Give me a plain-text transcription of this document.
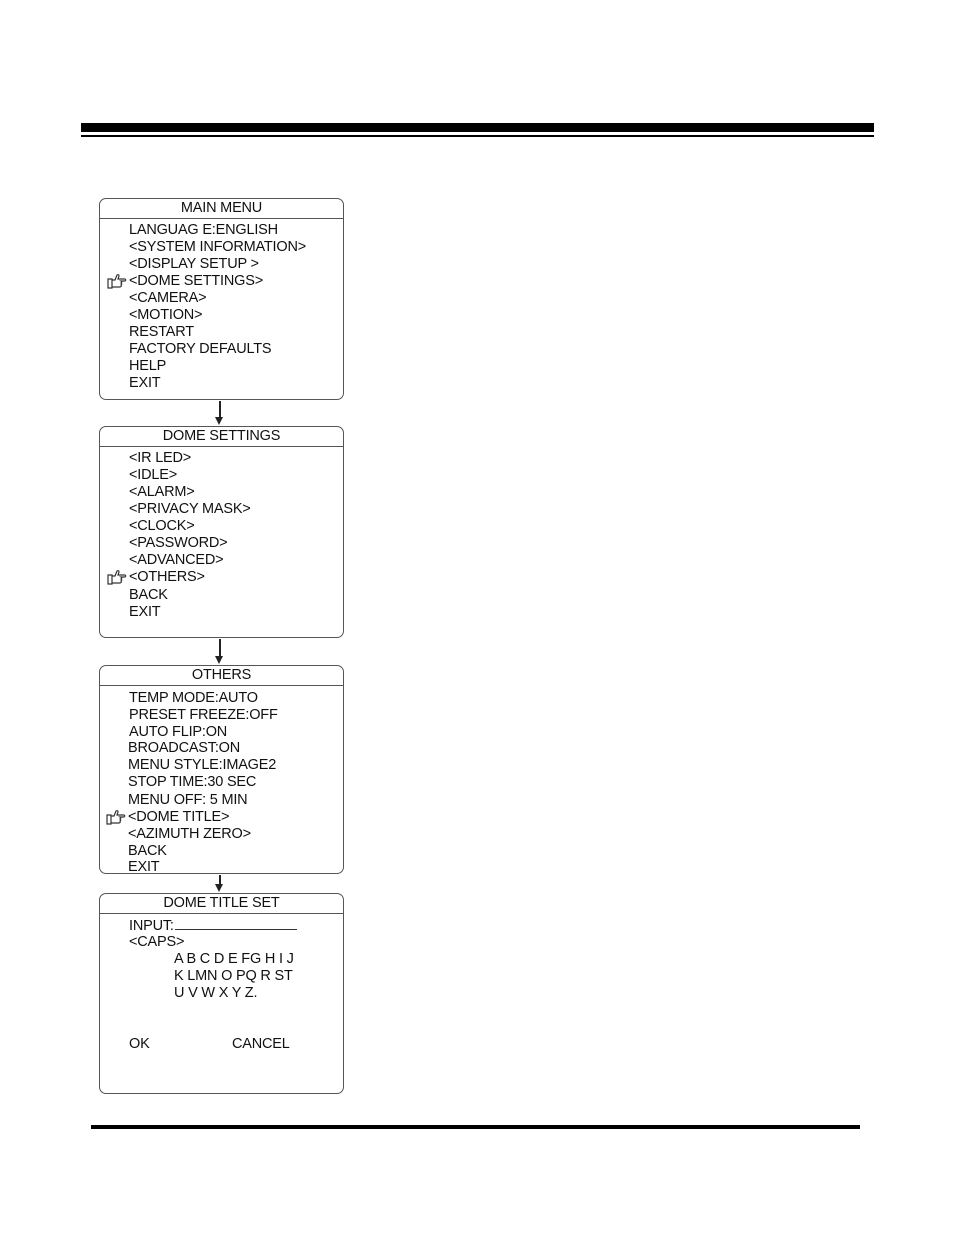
MAIN MENU
LANGUAG E:ENGLISH
<SYSTEM INFORMATION>
<DISPLAY SETUP >
<DOME SETTINGS>
<CAMERA>
<MOTION>
RESTART
FACTORY DEFAULTS
HELP
EXIT
DOME SETTINGS
<IR LED>
<IDLE>
<ALARM>
<PRIVACY MASK>
<CLOCK>
<PASSWORD>
<ADVANCED>
<OTHERS>
BACK
EXIT
OTHERS
TEMP MODE:AUTO
PRESET FREEZE:OFF
AUTO FLIP:ON
BROADCAST:ON
MENU STYLE:IMAGE2
STOP TIME:30 SEC
MENU OFF: 5 MIN
<DOME TITLE>
<AZIMUTH ZERO>
BACK
EXIT
DOME TITLE SET
INPUT:
<CAPS>
A B C D E FG H I J
K LMN O PQ R ST
U V W X Y Z.
OK	CANCEL
